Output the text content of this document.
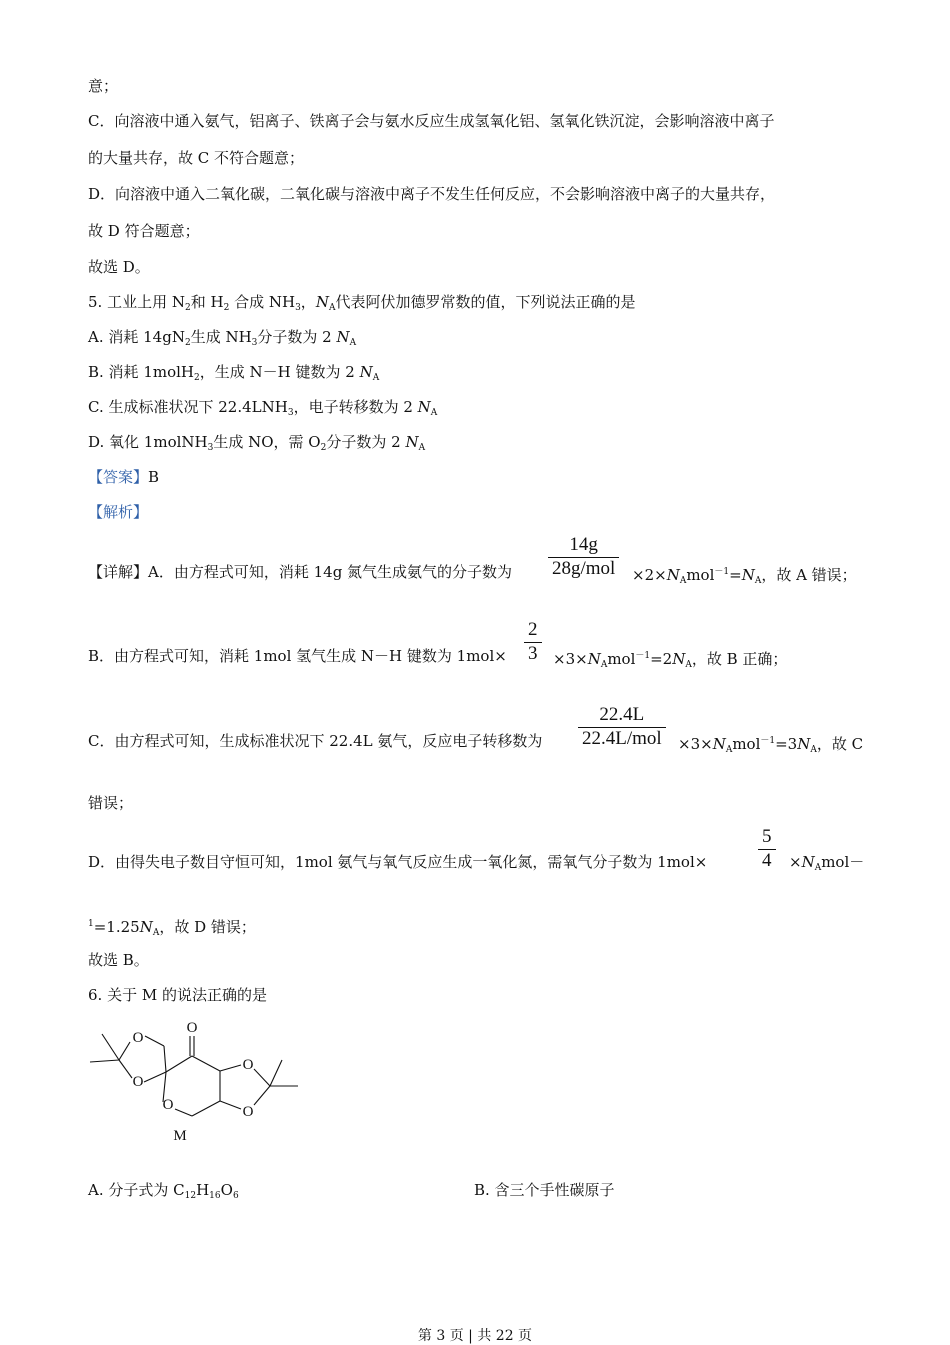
意；
C．向溶液中通入氨气，铝离子、铁离子会与氨水反应生成氢氧化铝、氢氧化铁沉淀，会影响溶液中离子
的大量共存，故 C 不符合题意；
D．向溶液中通入二氧化碳，二氧化碳与溶液中离子不发生任何反应，不会影响溶液中离子的大量共存，
故 D 符合题意；
故选 D。
5. 工业上用 $N_2$和 $H_2$ 合成 $NH_3$，$N_A$代表阿伏加德罗常数的值，下列说法正确的是
A. 消耗 $14gN_2$生成 $NH_3$分子数为 2 $N_A$
B. 消耗 1molH$_2$，生成 N－H 键数为 2 $N_A$
C. 生成标准状况下 $22.4LNH_3$，电子转移数为 2 $N_A$
D. 氧化 1molNH$_3$生成 NO，需 $O_2$分子数为 2 $N_A$
【答案】B
【解析】
【详解】A．由方程式可知，消耗 14g 氮气生成氨气的分子数为
14g
$28g/mol \times 2\times N_Amol^{-1}=N_A$，故 A 错误；
B．由方程式可知，消耗 1mol 氢气生成 N－H 键数为 $1mol\times \frac{2}{3} \times 3\times N_Amol^{-1}=2N_A$，故 B 正确；
C．由方程式可知，生成标准状况下 22.4L 氨气，反应电子转移数为
22.4L
$22.4L/mol \times 3\times N_Amol^{-1}=3N_A$，故 C
错误；
D．由得失电子数目守恒可知，1mol 氨气与氧气反应生成一氧化氮，需氧气分子数为 1mol×	$\frac{5}{4} \times N_Amol-$
$^1=1.25N_A$，故 D 错误；
故选 B。
6. 关于 M 的说法正确的是
O
O
O
O
O
O
M
A. 分子式为 $C_{12}H_{16}O_6$	B. 含三个手性碳原子
第 3 页 | 共 22 页
